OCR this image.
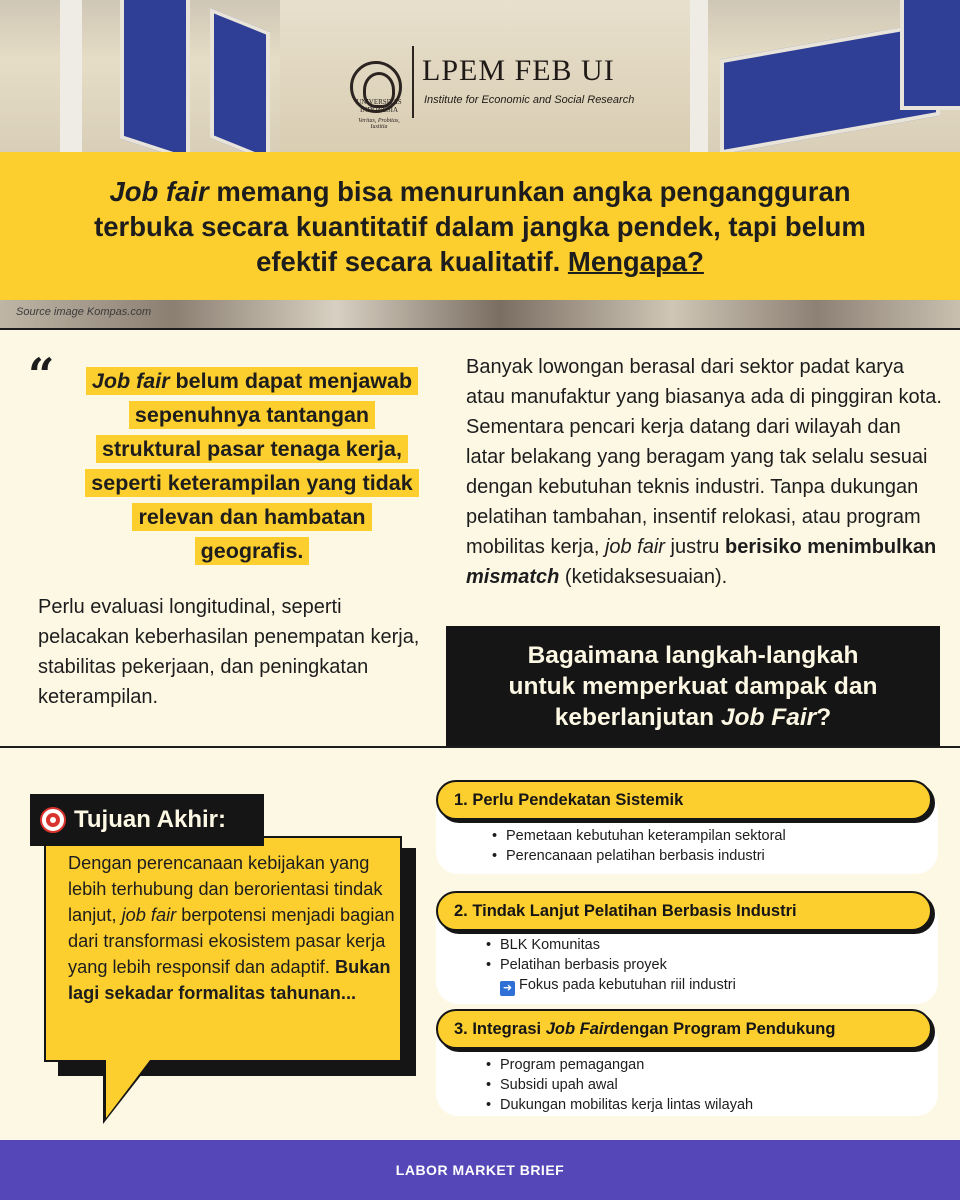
UNIVERSITAS INDONESIA
Veritas, Probitas, Iustitia
LPEM FEB UI
Institute for Economic and Social Research
Job fair memang bisa menurunkan angka pengangguran
terbuka secara kuantitatif dalam jangka pendek, tapi belum
efektif secara kualitatif. Mengapa?
Source image Kompas.com
“	Job fair belum dapat menjawab
sepenuhnya tantangan
struktural pasar tenaga kerja,
seperti keterampilan yang tidak
relevan dan hambatan
geografis.
Perlu evaluasi longitudinal, seperti pelacakan keberhasilan penempatan kerja, stabilitas pekerjaan, dan peningkatan keterampilan.
Banyak lowongan berasal dari sektor padat karya atau manufaktur yang biasanya ada di pinggiran kota. Sementara pencari kerja datang dari wilayah dan latar belakang yang beragam yang tak selalu sesuai dengan kebutuhan teknis industri. Tanpa dukungan pelatihan tambahan, insentif relokasi, atau program mobilitas kerja, job fair justru berisiko menimbulkan mismatch (ketidaksesuaian).
Bagaimana langkah-langkah
untuk memperkuat dampak dan
keberlanjutan Job Fair?
Dengan perencanaan kebijakan yang lebih terhubung dan berorientasi tindak lanjut, job fair berpotensi menjadi bagian dari transformasi ekosistem pasar kerja yang lebih responsif dan adaptif. Bukan lagi sekadar formalitas tahunan...
Tujuan Akhir:
1. Perlu Pendekatan Sistemik
• Pemetaan kebutuhan keterampilan sektoral
• Perencanaan pelatihan berbasis industri
2. Tindak Lanjut Pelatihan Berbasis Industri
• BLK Komunitas
• Pelatihan berbasis proyek
➜ Fokus pada kebutuhan riil industri
3. Integrasi
Job Fair dengan Program Pendukung
• Program pemagangan
• Subsidi upah awal
• Dukungan mobilitas kerja lintas wilayah
LABOR MARKET BRIEF
